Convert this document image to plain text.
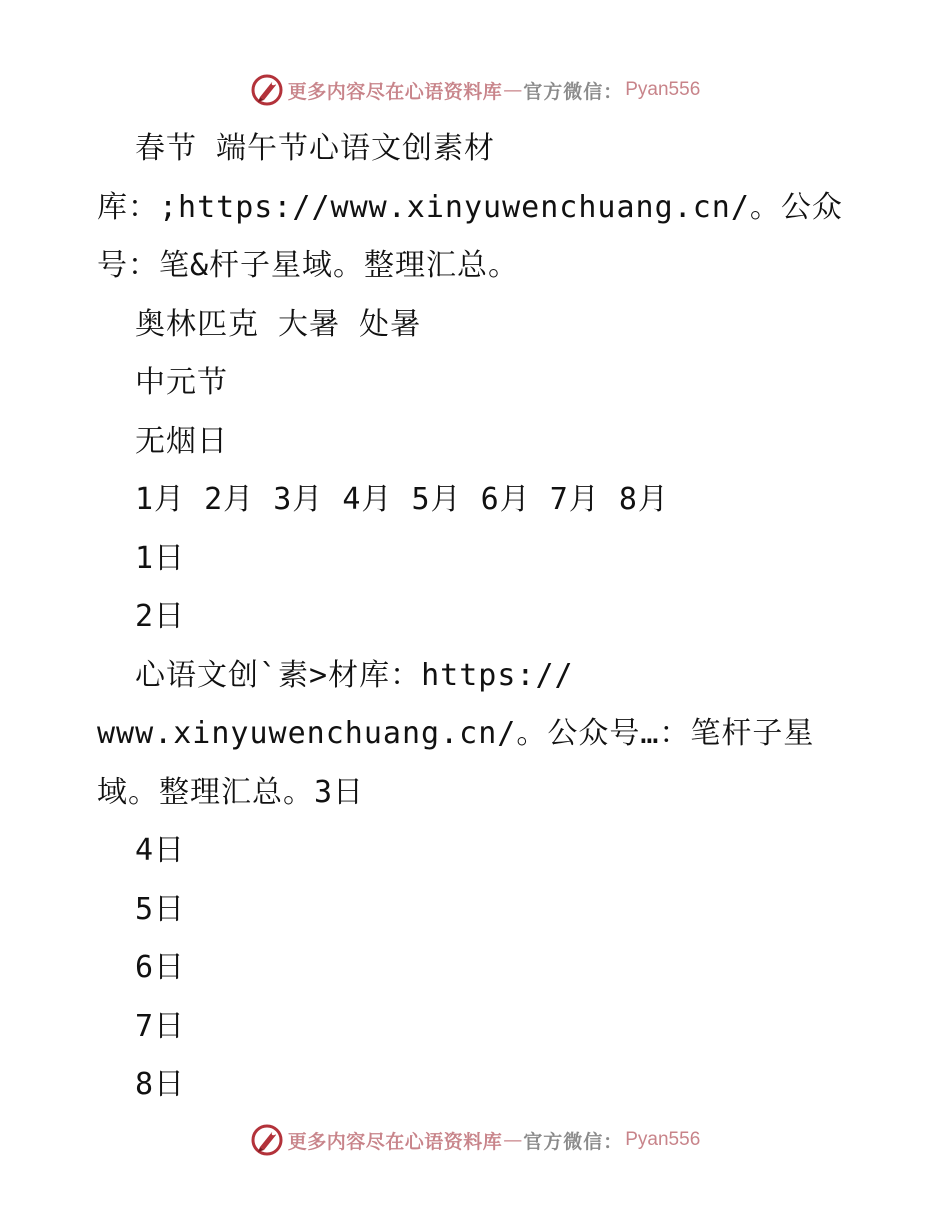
更多内容尽在心语资料库 — 官方微信： Pyan556
春节 端午节心语文创素材
库：;https://www.xinyuwenchuang.cn/。公众
号：笔&杆子星域。整理汇总。
奥林匹克 大暑 处暑
中元节
无烟日
1月 2月 3月 4月 5月 6月 7月 8月
1日
2日
心语文创`素>材库：https://
www.xinyuwenchuang.cn/。公众号…：笔杆子星
域。整理汇总。3日
4日
5日
6日
7日
8日
更多内容尽在心语资料库 — 官方微信： Pyan556
